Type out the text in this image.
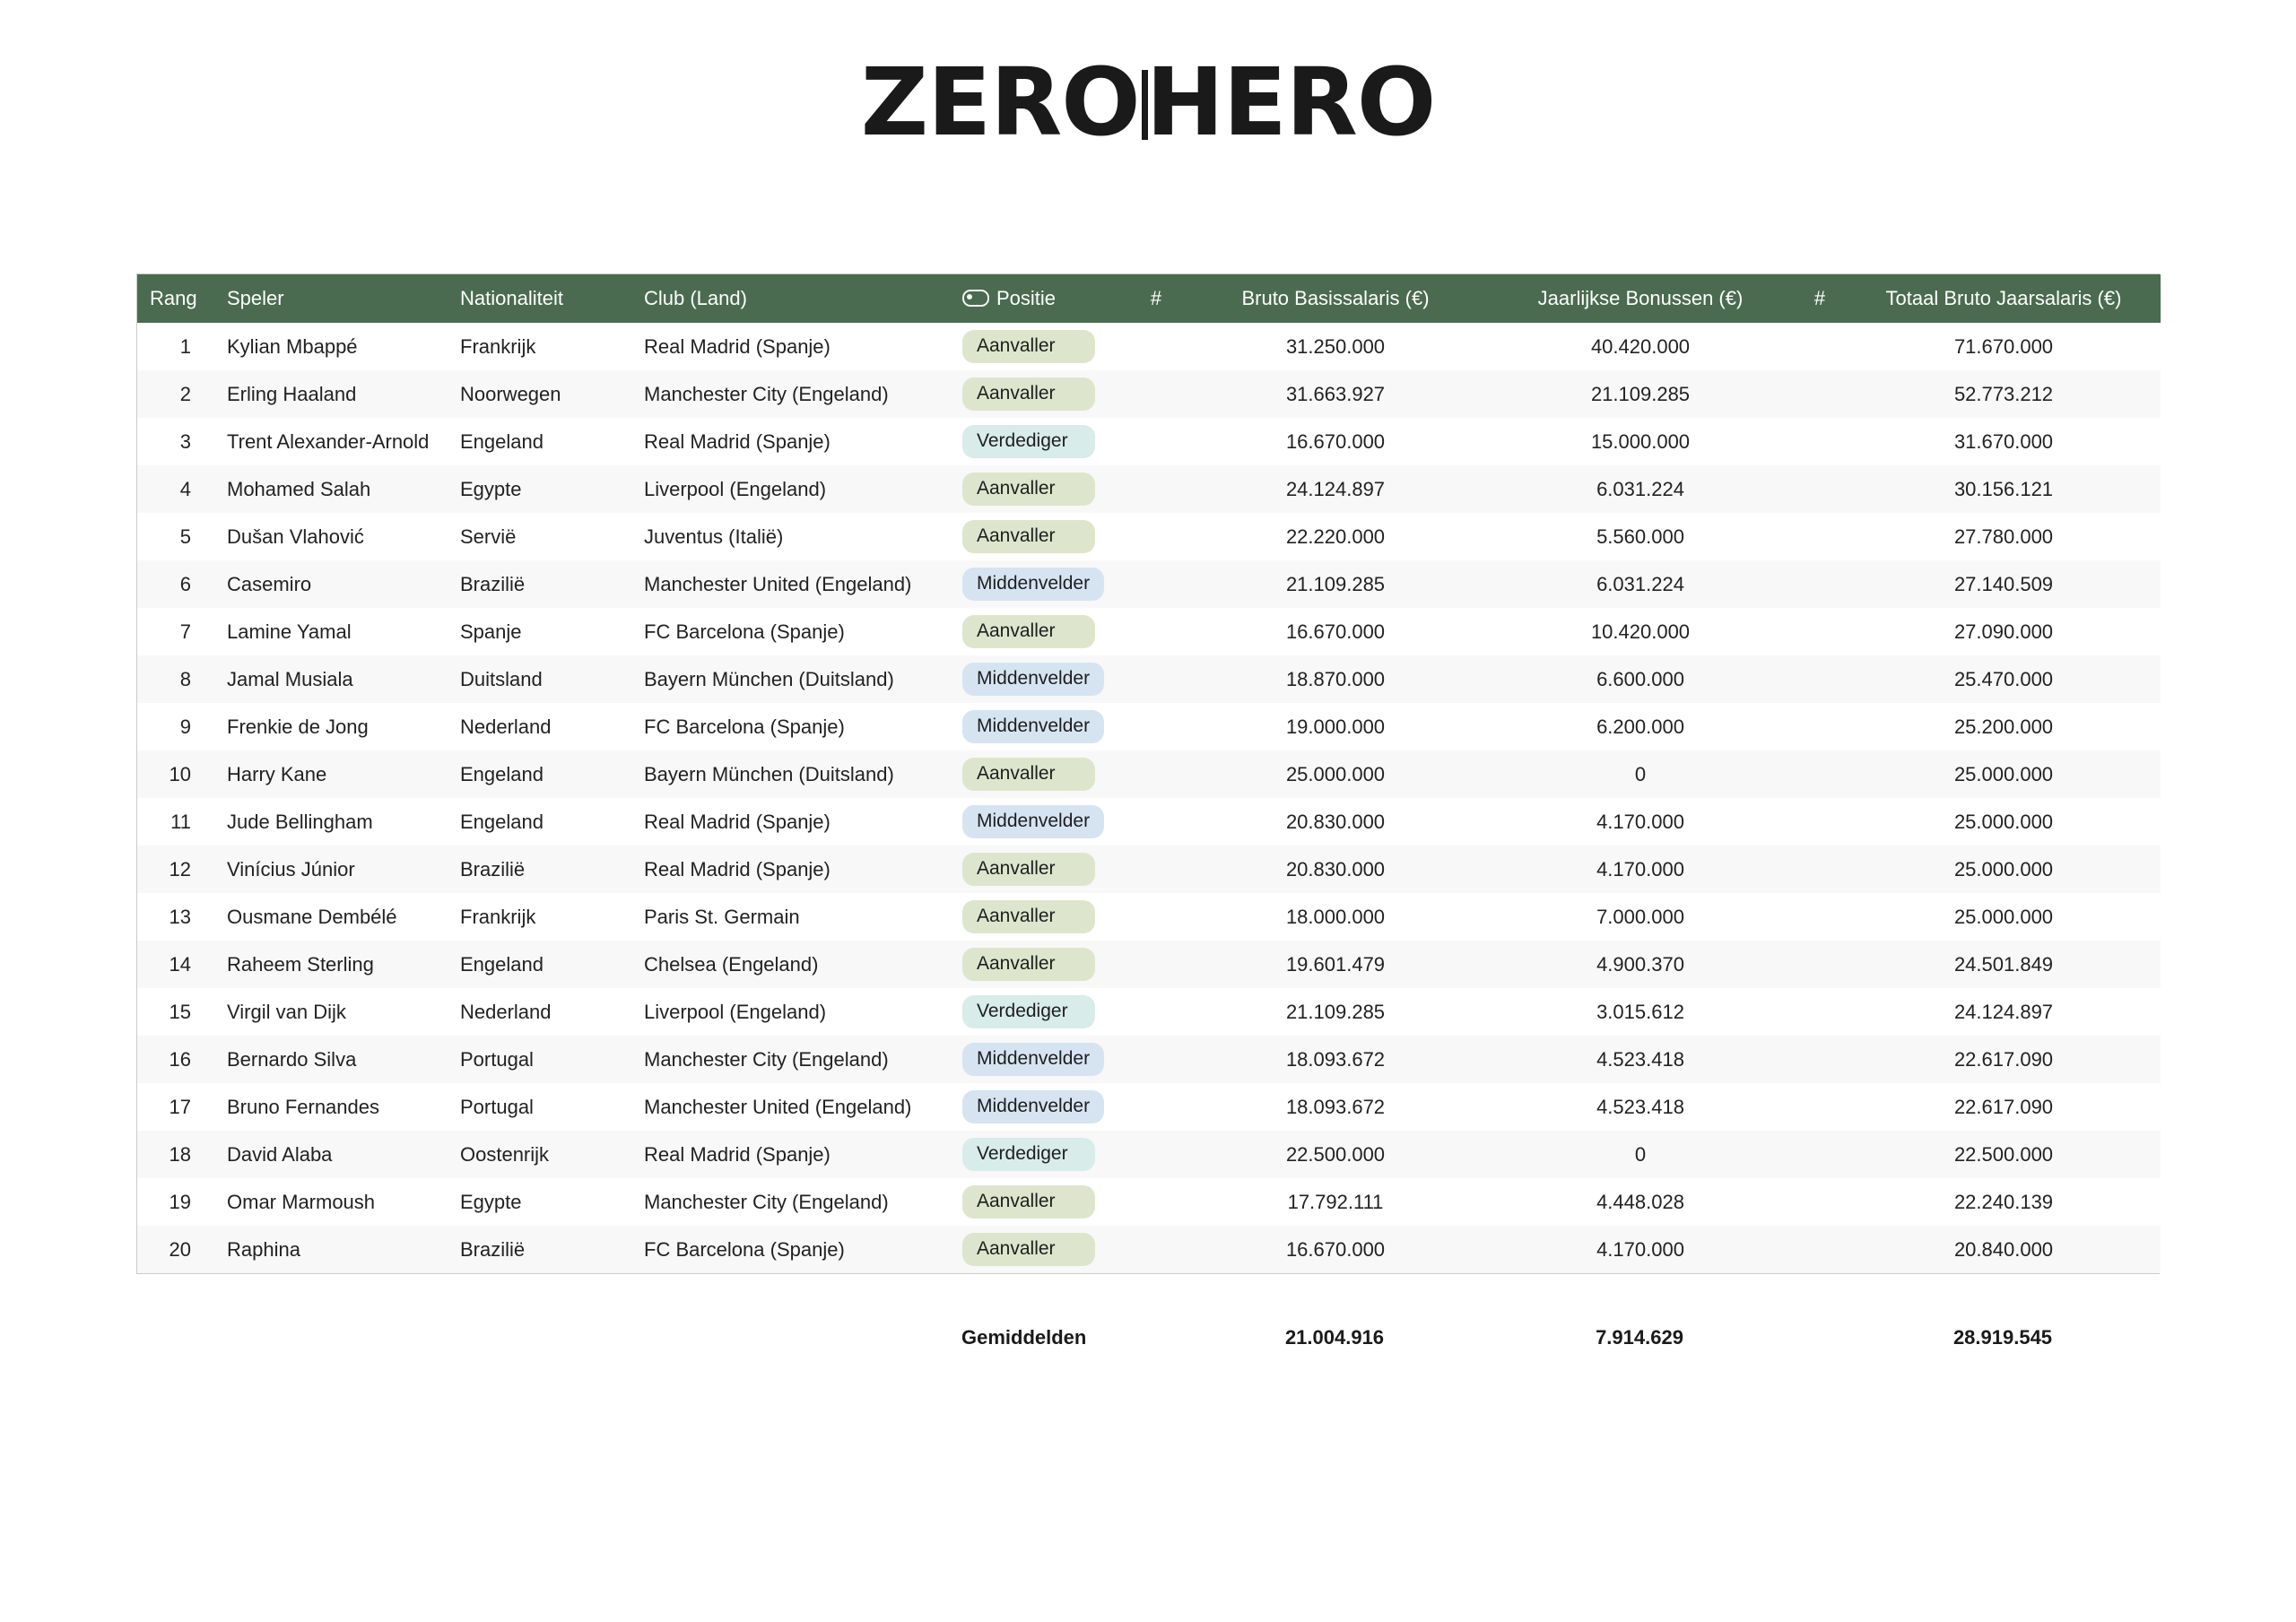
ZEROHERO
Rang	Speler	Nationaliteit	Club (Land)	Positie	#	Bruto Basissalaris (€)	Jaarlijkse Bonussen (€)	#	Totaal Bruto Jaarsalaris (€)
1	Kylian Mbappé	Frankrijk	Real Madrid (Spanje)	Aanvaller		31.250.000	40.420.000		71.670.000
2	Erling Haaland	Noorwegen	Manchester City (Engeland)	Aanvaller		31.663.927	21.109.285		52.773.212
3	Trent Alexander-Arnold	Engeland	Real Madrid (Spanje)	Verdediger		16.670.000	15.000.000		31.670.000
4	Mohamed Salah	Egypte	Liverpool (Engeland)	Aanvaller		24.124.897	6.031.224		30.156.121
5	Dušan Vlahović	Servië	Juventus (Italië)	Aanvaller		22.220.000	5.560.000		27.780.000
6	Casemiro	Brazilië	Manchester United (Engeland)	Middenvelder		21.109.285	6.031.224		27.140.509
7	Lamine Yamal	Spanje	FC Barcelona (Spanje)	Aanvaller		16.670.000	10.420.000		27.090.000
8	Jamal Musiala	Duitsland	Bayern München (Duitsland)	Middenvelder		18.870.000	6.600.000		25.470.000
9	Frenkie de Jong	Nederland	FC Barcelona (Spanje)	Middenvelder		19.000.000	6.200.000		25.200.000
10	Harry Kane	Engeland	Bayern München (Duitsland)	Aanvaller		25.000.000	0		25.000.000
11	Jude Bellingham	Engeland	Real Madrid (Spanje)	Middenvelder		20.830.000	4.170.000		25.000.000
12	Vinícius Júnior	Brazilië	Real Madrid (Spanje)	Aanvaller		20.830.000	4.170.000		25.000.000
13	Ousmane Dembélé	Frankrijk	Paris St. Germain	Aanvaller		18.000.000	7.000.000		25.000.000
14	Raheem Sterling	Engeland	Chelsea (Engeland)	Aanvaller		19.601.479	4.900.370		24.501.849
15	Virgil van Dijk	Nederland	Liverpool (Engeland)	Verdediger		21.109.285	3.015.612		24.124.897
16	Bernardo Silva	Portugal	Manchester City (Engeland)	Middenvelder		18.093.672	4.523.418		22.617.090
17	Bruno Fernandes	Portugal	Manchester United (Engeland)	Middenvelder		18.093.672	4.523.418		22.617.090
18	David Alaba	Oostenrijk	Real Madrid (Spanje)	Verdediger		22.500.000	0		22.500.000
19	Omar Marmoush	Egypte	Manchester City (Engeland)	Aanvaller		17.792.111	4.448.028		22.240.139
20	Raphina	Brazilië	FC Barcelona (Spanje)	Aanvaller		16.670.000	4.170.000		20.840.000
				Gemiddelden		21.004.916	7.914.629		28.919.545
